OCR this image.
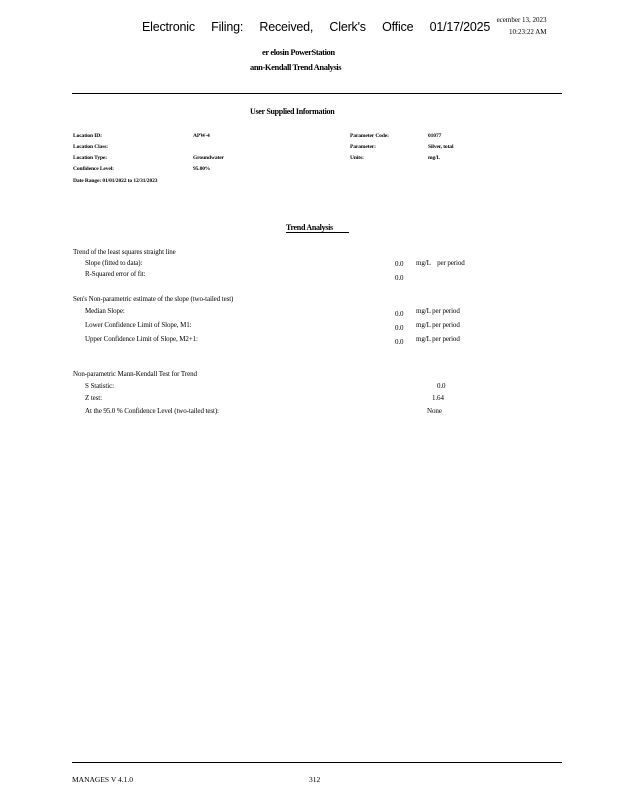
Electronic Filing: Received, Clerk's Office 01/17/2025 ecember 13, 2023
10:23:22 AM
er elosin PowerStation
ann-Kendall Trend Analysis
User Supplied Information
Location ID:	APW-4
Location Class:
Location Type:	Groundwater
Confidence Level:	95.00%
Date Range: 01/01/2022 to 12/31/2023
Parameter Code:	01077
Parameter:	Silver, total
Units:	mg/L
Trend Analysis
Trend of the least squares straight line
Slope (fitted to data):	0.0 mg/L    per period
R-Squared error of fit:	0.0
Sen's Non-parametric estimate of the slope (two-tailed test)
Median Slope:	0.0 mg/L per period
Lower Confidence Limit of Slope, M1:	0.0 mg/L per period
Upper Confidence Limit of Slope, M2+1:	0.0 mg/L per period
Non-parametric Mann-Kendall Test for Trend
S Statistic:	0.0
Z test:	1.64
At the 95.0 % Confidence Level (two-tailed test):	None
MANAGES V 4.1.0	312
